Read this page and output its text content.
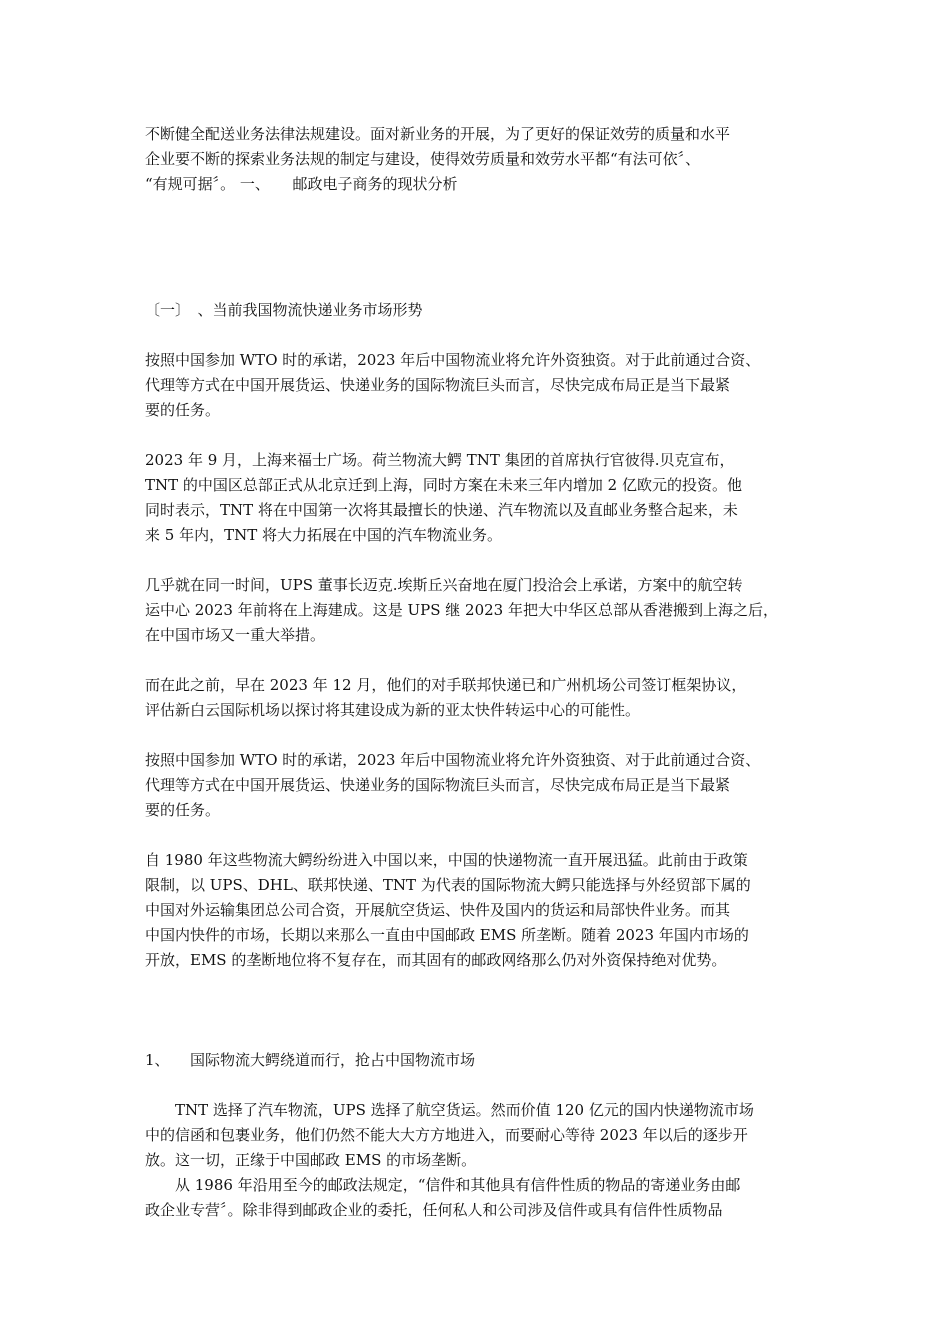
不断健全配送业务法律法规建设。面对新业务的开展，为了更好的保证效劳的质量和水平
企业要不断的探索业务法规的制定与建设，使得效劳质量和效劳水平都“有法可依〞、
“有规可据〞。 一、　　邮政电子商务的现状分析

〔一〕　、当前我国物流快递业务市场形势

按照中国参加 WTO 时的承诺，2023 年后中国物流业将允许外资独资。对于此前通过合资、
代理等方式在中国开展货运、快递业务的国际物流巨头而言，尽快完成布局正是当下最紧
要的任务。

2023 年 9 月，上海来福士广场。荷兰物流大鳄 TNT 集团的首席执行官彼得.贝克宣布，
TNT 的中国区总部正式从北京迁到上海，同时方案在未来三年内增加 2 亿欧元的投资。他
同时表示，TNT 将在中国第一次将其最擅长的快递、汽车物流以及直邮业务整合起来，未
来 5 年内，TNT 将大力拓展在中国的汽车物流业务。

几乎就在同一时间，UPS 董事长迈克.埃斯丘兴奋地在厦门投洽会上承诺，方案中的航空转
运中心 2023 年前将在上海建成。这是 UPS 继 2023 年把大中华区总部从香港搬到上海之后，
在中国市场又一重大举措。

而在此之前，早在 2023 年 12 月，他们的对手联邦快递已和广州机场公司签订框架协议，
评估新白云国际机场以探讨将其建设成为新的亚太快件转运中心的可能性。

按照中国参加 WTO 时的承诺，2023 年后中国物流业将允许外资独资、对于此前通过合资、
代理等方式在中国开展货运、快递业务的国际物流巨头而言，尽快完成布局正是当下最紧
要的任务。

自 1980 年这些物流大鳄纷纷进入中国以来，中国的快递物流一直开展迅猛。此前由于政策
限制，以 UPS、DHL、联邦快递、TNT 为代表的国际物流大鳄只能选择与外经贸部下属的
中国对外运输集团总公司合资，开展航空货运、快件及国内的货运和局部快件业务。而其
中国内快件的市场，长期以来那么一直由中国邮政 EMS 所垄断。随着 2023 年国内市场的
开放，EMS 的垄断地位将不复存在，而其固有的邮政网络那么仍对外资保持绝对优势。

1、 国际物流大鳄绕道而行，抢占中国物流市场

TNT 选择了汽车物流，UPS 选择了航空货运。然而价值 120 亿元的国内快递物流市场
中的信函和包裹业务，他们仍然不能大大方方地进入，而要耐心等待 2023 年以后的逐步开
放。这一切，正缘于中国邮政 EMS 的市场垄断。

从 1986 年沿用至今的邮政法规定，“信件和其他具有信件性质的物品的寄递业务由邮
政企业专营〞。除非得到邮政企业的委托，任何私人和公司涉及信件或具有信件性质物品
